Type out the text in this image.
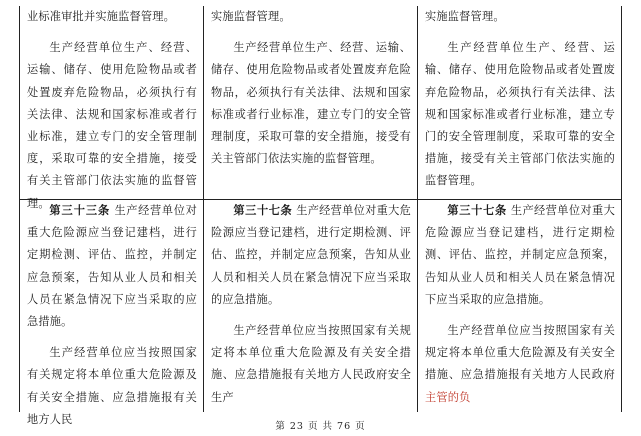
业标准审批并实施监督管理。

生产经营单位生产、经营、运输、储存、使用危险物品或者处置废弃危险物品，必须执行有关法律、法规和国家标准或者行业标准，建立专门的安全管理制度，采取可靠的安全措施，接受有关主管部门依法实施的监督管理。

实施监督管理。

生产经营单位生产、经营、运输、储存、使用危险物品或者处置废弃危险物品，必须执行有关法律、法规和国家标准或者行业标准，建立专门的安全管理制度，采取可靠的安全措施，接受有关主管部门依法实施的监督管理。

实施监督管理。

生产经营单位生产、经营、运输、储存、使用危险物品或者处置废弃危险物品，必须执行有关法律、法规和国家标准或者行业标准，建立专门的安全管理制度，采取可靠的安全措施，接受有关主管部门依法实施的监督管理。

第三十三条 生产经营单位对重大危险源应当登记建档，进行定期检测、评估、监控，并制定应急预案，告知从业人员和相关人员在紧急情况下应当采取的应急措施。

生产经营单位应当按照国家有关规定将本单位重大危险源及有关安全措施、应急措施报有关地方人民

第三十七条 生产经营单位对重大危险源应当登记建档，进行定期检测、评估、监控，并制定应急预案，告知从业人员和相关人员在紧急情况下应当采取的应急措施。

生产经营单位应当按照国家有关规定将本单位重大危险源及有关安全措施、应急措施报有关地方人民政府安全生产

第三十七条 生产经营单位对重大危险源应当登记建档，进行定期检测、评估、监控，并制定应急预案，告知从业人员和相关人员在紧急情况下应当采取的应急措施。

生产经营单位应当按照国家有关规定将本单位重大危险源及有关安全措施、应急措施报有关地方人民政府主管的负

第 23 页 共 76 页
